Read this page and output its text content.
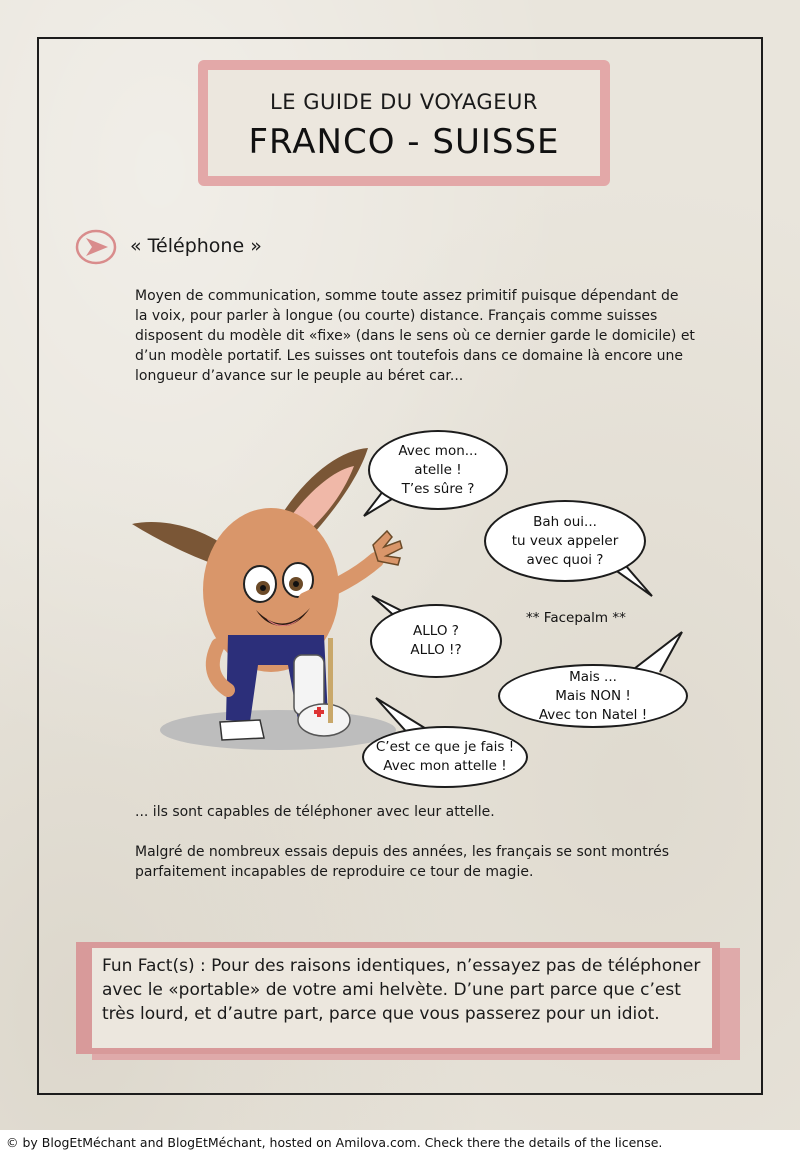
LE GUIDE DU VOYAGEUR
FRANCO - SUISSE
« Téléphone »

Moyen de communication, somme toute assez primitif puisque dépendant de la voix, pour parler à longue (ou courte) distance. Français comme suisses disposent du modèle dit «fixe» (dans le sens où ce dernier garde le domicile) et d’un modèle portatif. Les suisses ont toutefois dans ce domaine là encore une longueur d’avance sur le peuple au béret car...

Avec mon...
atelle !
T’es sûre ?
Bah oui...
tu veux appeler
avec quoi ?
ALLO ?
ALLO !?
Mais ...
Mais NON !
Avec ton Natel !
C’est ce que je fais !
Avec mon attelle !
** Facepalm **

... ils sont capables de téléphoner avec leur attelle.

Malgré de nombreux essais depuis des années, les français se sont montrés parfaitement incapables de reproduire ce tour de magie.

Fun Fact(s) : Pour des raisons identiques, n’essayez pas de téléphoner avec le «portable» de votre ami helvète. D’une part parce que c’est très lourd, et d’autre part, parce que vous passerez pour un idiot.

© by BlogEtMéchant and BlogEtMéchant, hosted on Amilova.com. Check there the details of the license.
